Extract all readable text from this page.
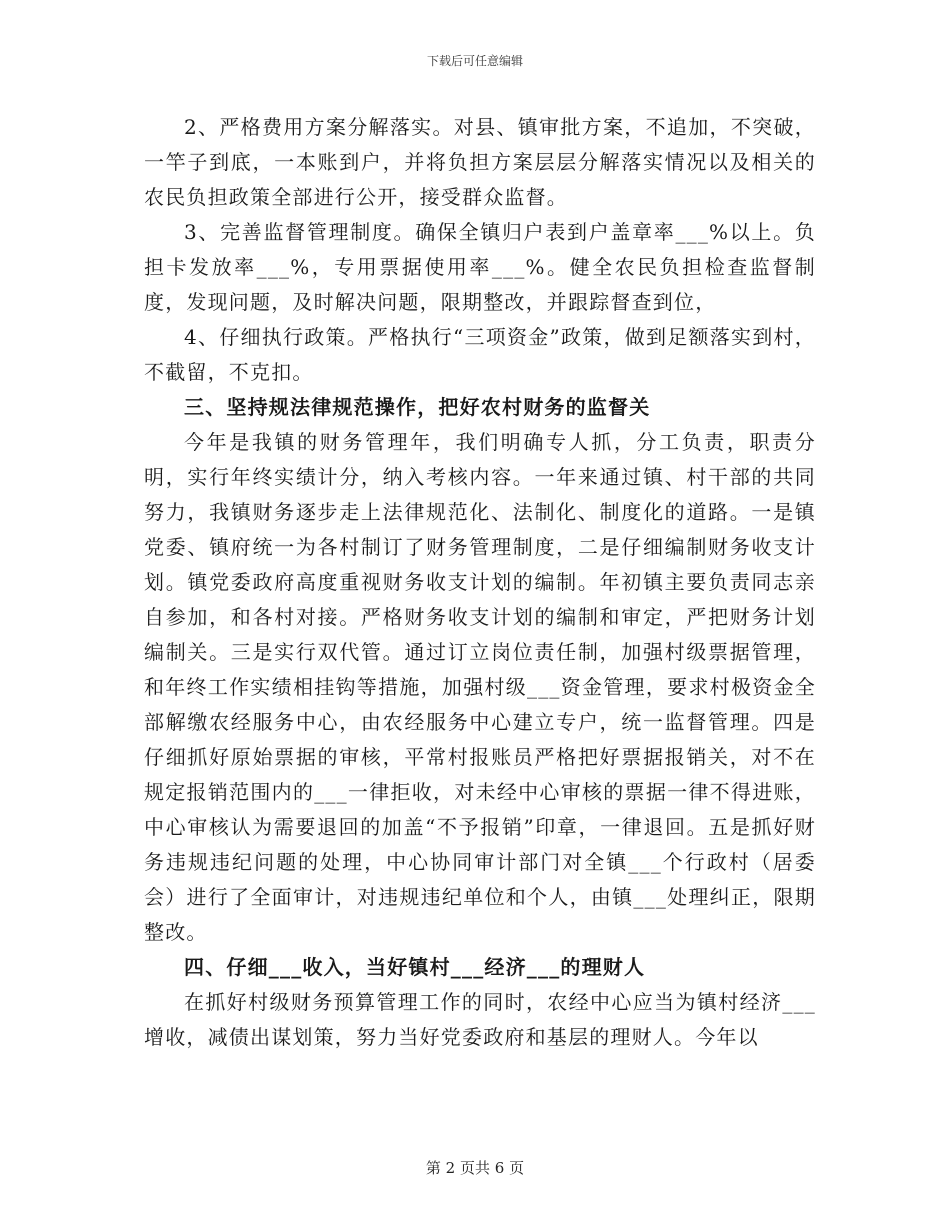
下载后可任意编辑

2、严格费用方案分解落实。对县、镇审批方案，不追加，不突破，一竿子到底，一本账到户，并将负担方案层层分解落实情况以及相关的农民负担政策全部进行公开，接受群众监督。

3、完善监督管理制度。确保全镇归户表到户盖章率___%以上。负担卡发放率___%，专用票据使用率___%。健全农民负担检查监督制度，发现问题，及时解决问题，限期整改，并跟踪督查到位，

4、仔细执行政策。严格执行“三项资金”政策，做到足额落实到村，不截留，不克扣。

三、坚持规法律规范操作，把好农村财务的监督关

今年是我镇的财务管理年，我们明确专人抓，分工负责，职责分明，实行年终实绩计分，纳入考核内容。一年来通过镇、村干部的共同努力，我镇财务逐步走上法律规范化、法制化、制度化的道路。一是镇党委、镇府统一为各村制订了财务管理制度，二是仔细编制财务收支计划。镇党委政府高度重视财务收支计划的编制。年初镇主要负责同志亲自参加，和各村对接。严格财务收支计划的编制和审定，严把财务计划编制关。三是实行双代管。通过订立岗位责任制，加强村级票据管理，和年终工作实绩相挂钩等措施，加强村级___资金管理，要求村极资金全部解缴农经服务中心，由农经服务中心建立专户，统一监督管理。四是仔细抓好原始票据的审核，平常村报账员严格把好票据报销关，对不在规定报销范围内的___一律拒收，对未经中心审核的票据一律不得进账，中心审核认为需要退回的加盖“不予报销”印章，一律退回。五是抓好财务违规违纪问题的处理，中心协同审计部门对全镇___个行政村（居委会）进行了全面审计，对违规违纪单位和个人，由镇___处理纠正，限期整改。

四、仔细___收入，当好镇村___经济___的理财人

在抓好村级财务预算管理工作的同时，农经中心应当为镇村经济___增收，减债出谋划策，努力当好党委政府和基层的理财人。今年以

第 2 页共 6 页
